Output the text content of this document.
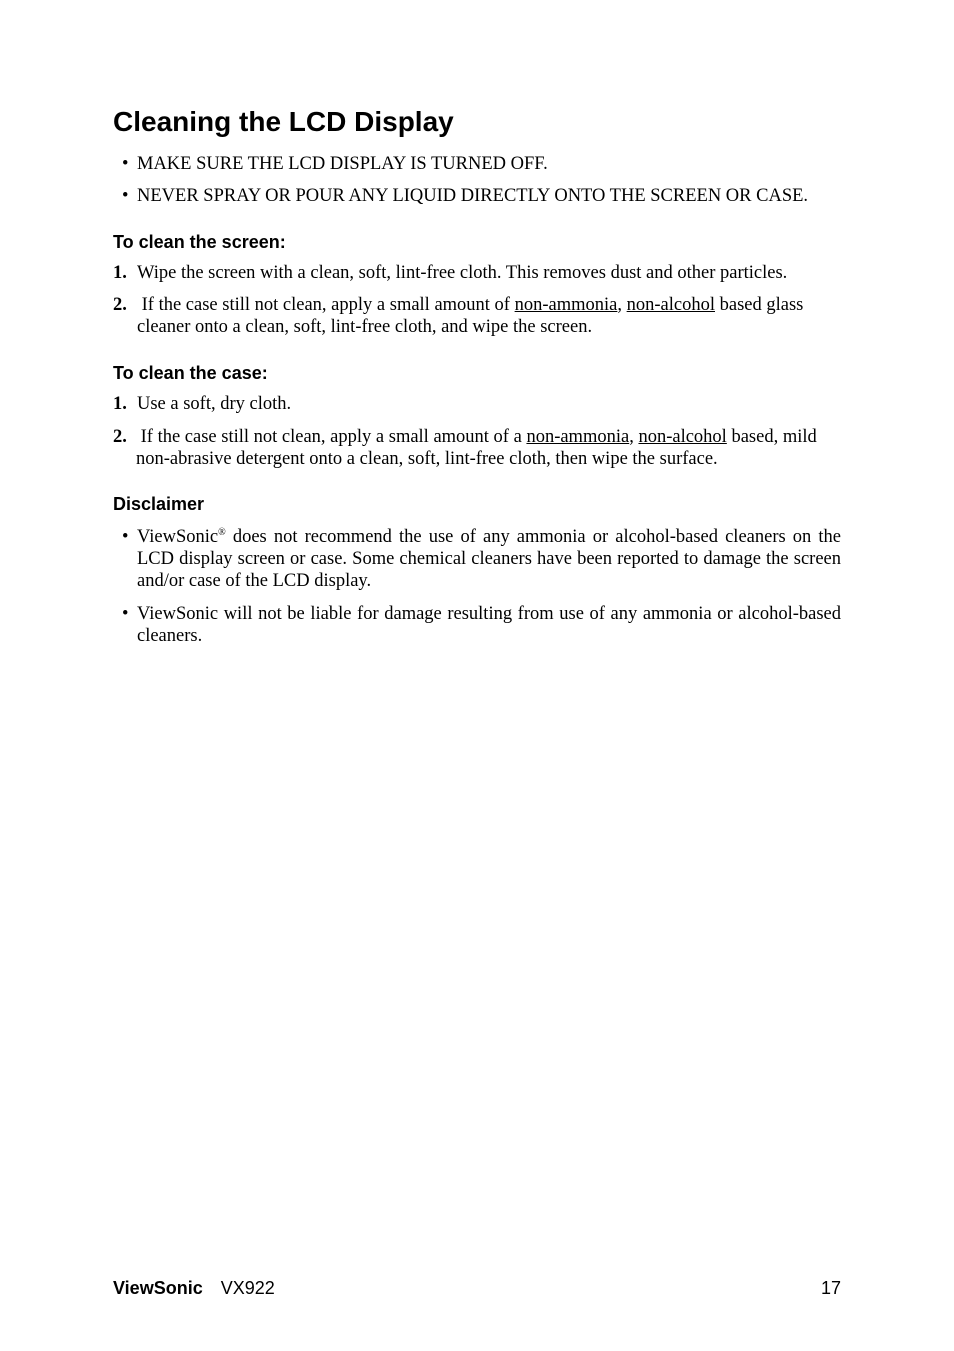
Cleaning the LCD Display
• MAKE SURE THE LCD DISPLAY IS TURNED OFF.
• NEVER SPRAY OR POUR ANY LIQUID DIRECTLY ONTO THE SCREEN OR CASE.
To clean the screen:
1. Wipe the screen with a clean, soft, lint-free cloth. This removes dust and other particles.
2. If the case still not clean, apply a small amount of non-ammonia, non-alcohol based glass cleaner onto a clean, soft, lint-free cloth, and wipe the screen.
To clean the case:
1. Use a soft, dry cloth.
2. If the case still not clean, apply a small amount of a non-ammonia, non-alcohol based, mild non-abrasive detergent onto a clean, soft, lint-free cloth, then wipe the surface.
Disclaimer
• ViewSonic® does not recommend the use of any ammonia or alcohol-based cleaners on the LCD display screen or case. Some chemical cleaners have been reported to damage the screen and/or case of the LCD display.
• ViewSonic will not be liable for damage resulting from use of any ammonia or alcohol-based cleaners.
ViewSonic VX922	17
